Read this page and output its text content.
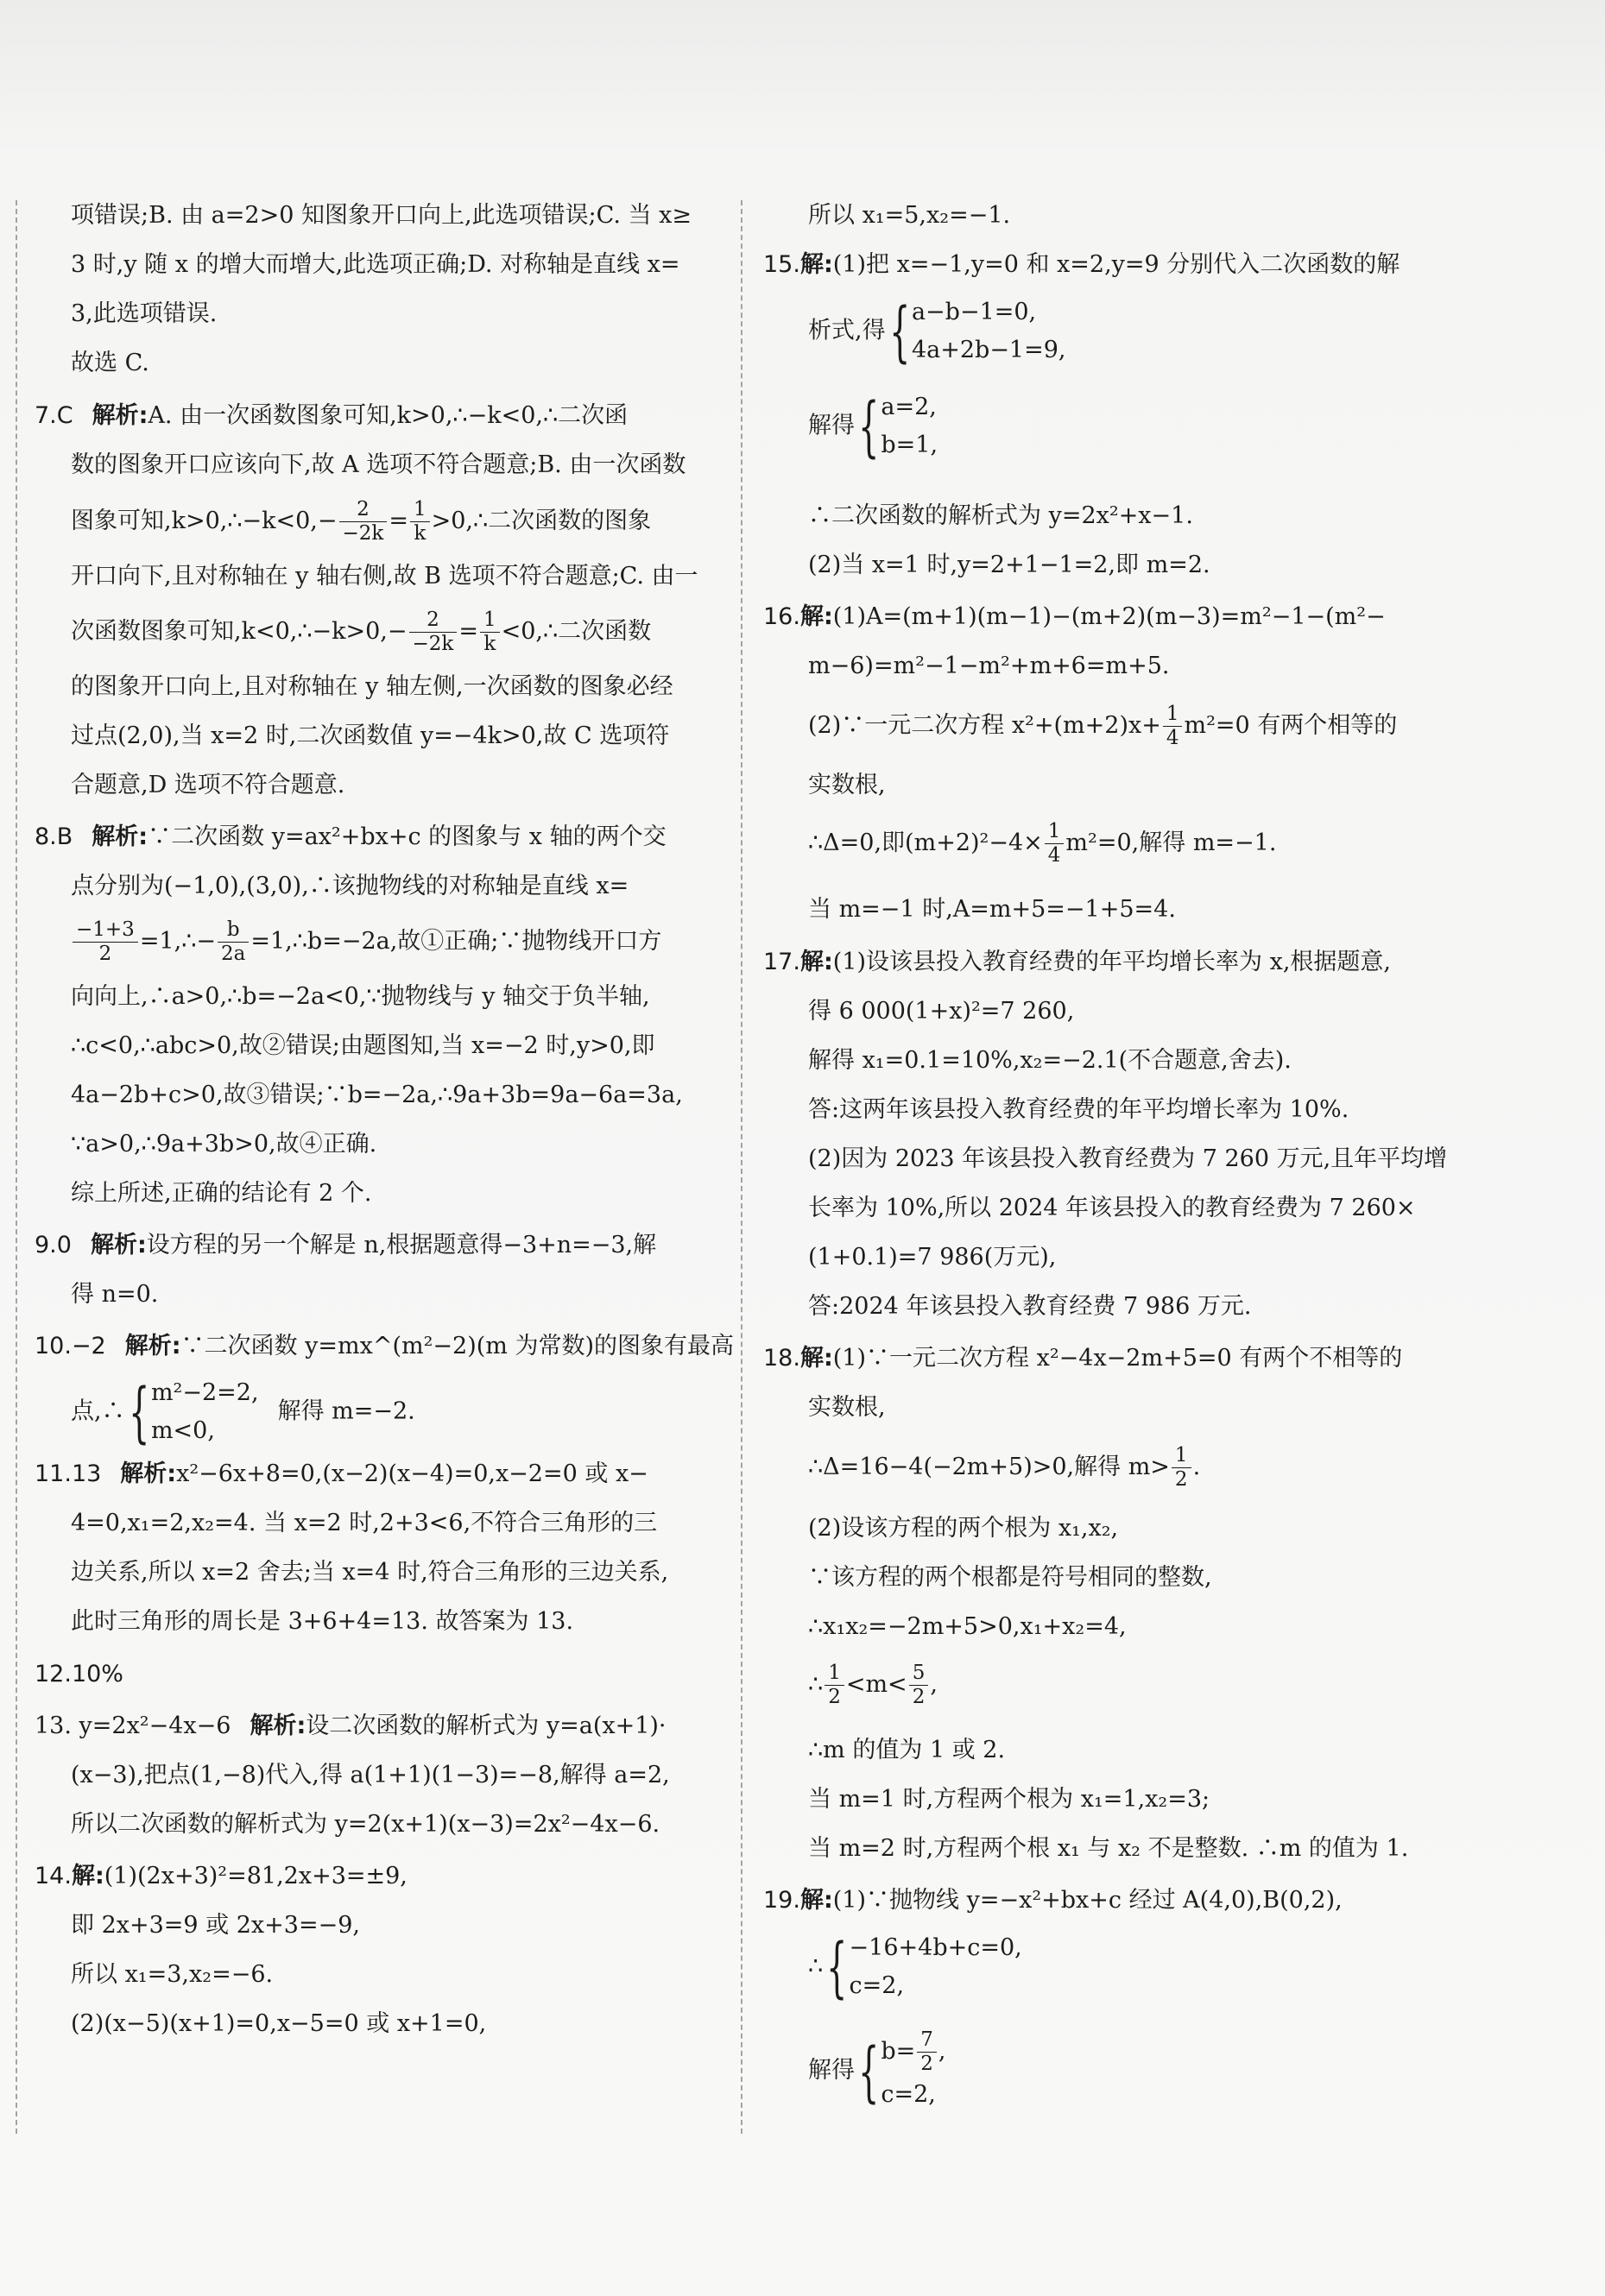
项错误;B. 由 a=2>0 知图象开口向上,此选项错误;C. 当 x≥
3 时,y 随 x 的增大而增大,此选项正确;D. 对称轴是直线 x=
3,此选项错误.
故选 C.
7.C 解析:A. 由一次函数图象可知,k>0,∴−k<0,∴二次函
数的图象开口应该向下,故 A 选项不符合题意;B. 由一次函数
图象可知,k>0,∴−k<0,− $\frac{2}{-2k} = \frac{1}{k}$ >0,∴二次函数的图象
开口向下,且对称轴在 y 轴右侧,故 B 选项不符合题意;C. 由一
次函数图象可知,k<0,∴−k>0,− $\frac{2}{-2k} = \frac{1}{k}$ <0,∴二次函数
的图象开口向上,且对称轴在 y 轴左侧,一次函数的图象必经
过点(2,0),当 x=2 时,二次函数值 y=−4k>0,故 C 选项符
合题意,D 选项不符合题意.
8.B 解析:∵二次函数 y=ax²+bx+c 的图象与 x 轴的两个交
点分别为(−1,0),(3,0),∴该抛物线的对称轴是直线 x=
$\frac{-1+3}{2}$ =1,∴− $\frac{b}{2a}$ =1,∴b=−2a,故①正确;∵抛物线开口方
向向上,∴a>0,∴b=−2a<0,∵抛物线与 y 轴交于负半轴,
∴c<0,∴abc>0,故②错误;由题图知,当 x=−2 时,y>0,即
4a−2b+c>0,故③错误;∵b=−2a,∴9a+3b=9a−6a=3a,
∵a>0,∴9a+3b>0,故④正确.
综上所述,正确的结论有 2 个.
9.0 解析:设方程的另一个解是 n,根据题意得−3+n=−3,解
得 n=0.
10.−2 解析:∵二次函数 y=mx^(m²−2)(m 为常数)的图象有最高
点,∴ { m²−2=2,
m<0,
解得 m=−2.
11.13 解析:x²−6x+8=0,(x−2)(x−4)=0,x−2=0 或 x−
4=0,x₁=2,x₂=4. 当 x=2 时,2+3<6,不符合三角形的三
边关系,所以 x=2 舍去;当 x=4 时,符合三角形的三边关系,
此时三角形的周长是 3+6+4=13. 故答案为 13.
12.10%
13. y=2x²−4x−6 解析:设二次函数的解析式为 y=a(x+1)·
(x−3),把点(1,−8)代入,得 a(1+1)(1−3)=−8,解得 a=2,
所以二次函数的解析式为 y=2(x+1)(x−3)=2x²−4x−6.
14.解:(1)(2x+3)²=81,2x+3=±9,
即 2x+3=9 或 2x+3=−9,
所以 x₁=3,x₂=−6.
(2)(x−5)(x+1)=0,x−5=0 或 x+1=0,
所以 x₁=5,x₂=−1.
15.解:(1)把 x=−1,y=0 和 x=2,y=9 分别代入二次函数的解
析式,得 { a−b−1=0,
4a+2b−1=9,
解得 { a=2,
b=1,
∴二次函数的解析式为 y=2x²+x−1.
(2)当 x=1 时,y=2+1−1=2,即 m=2.
16.解:(1)A=(m+1)(m−1)−(m+2)(m−3)=m²−1−(m²−
m−6)=m²−1−m²+m+6=m+5.
(2)∵一元二次方程 $x^2+(m+2)x+ \frac{1}{4} m^2=0$ 有两个相等的
实数根,
∴Δ=0,即$(m+2)^2-4\times \frac{1}{4} m^2=0$,解得 m=−1.
当 m=−1 时,A=m+5=−1+5=4.
17.解:(1)设该县投入教育经费的年平均增长率为 x,根据题意,
得 6 000(1+x)²=7 260,
解得 x₁=0.1=10%,x₂=−2.1(不合题意,舍去).
答:这两年该县投入教育经费的年平均增长率为 10%.
(2)因为 2023 年该县投入教育经费为 7 260 万元,且年平均增
长率为 10%,所以 2024 年该县投入的教育经费为 7 260×
(1+0.1)=7 986(万元),
答:2024 年该县投入教育经费 7 986 万元.
18.解:(1)∵一元二次方程 x²−4x−2m+5=0 有两个不相等的
实数根,
∴Δ=16−4(−2m+5)>0,解得 $m> \frac{1}{2}$ .
(2)设该方程的两个根为 x₁,x₂,
∵该方程的两个根都是符号相同的整数,
∴x₁x₂=−2m+5>0,x₁+x₂=4,
∴ $\frac{1}{2} <m< \frac{5}{2}$ ,
∴m 的值为 1 或 2.
当 m=1 时,方程两个根为 x₁=1,x₂=3;
当 m=2 时,方程两个根 x₁ 与 x₂ 不是整数. ∴m 的值为 1.
19.解:(1)∵抛物线 y=−x²+bx+c 经过 A(4,0),B(0,2),
∴ { −16+4b+c=0,
c=2,
解得 { $b= \frac{7}{2}$ ,
c=2,
